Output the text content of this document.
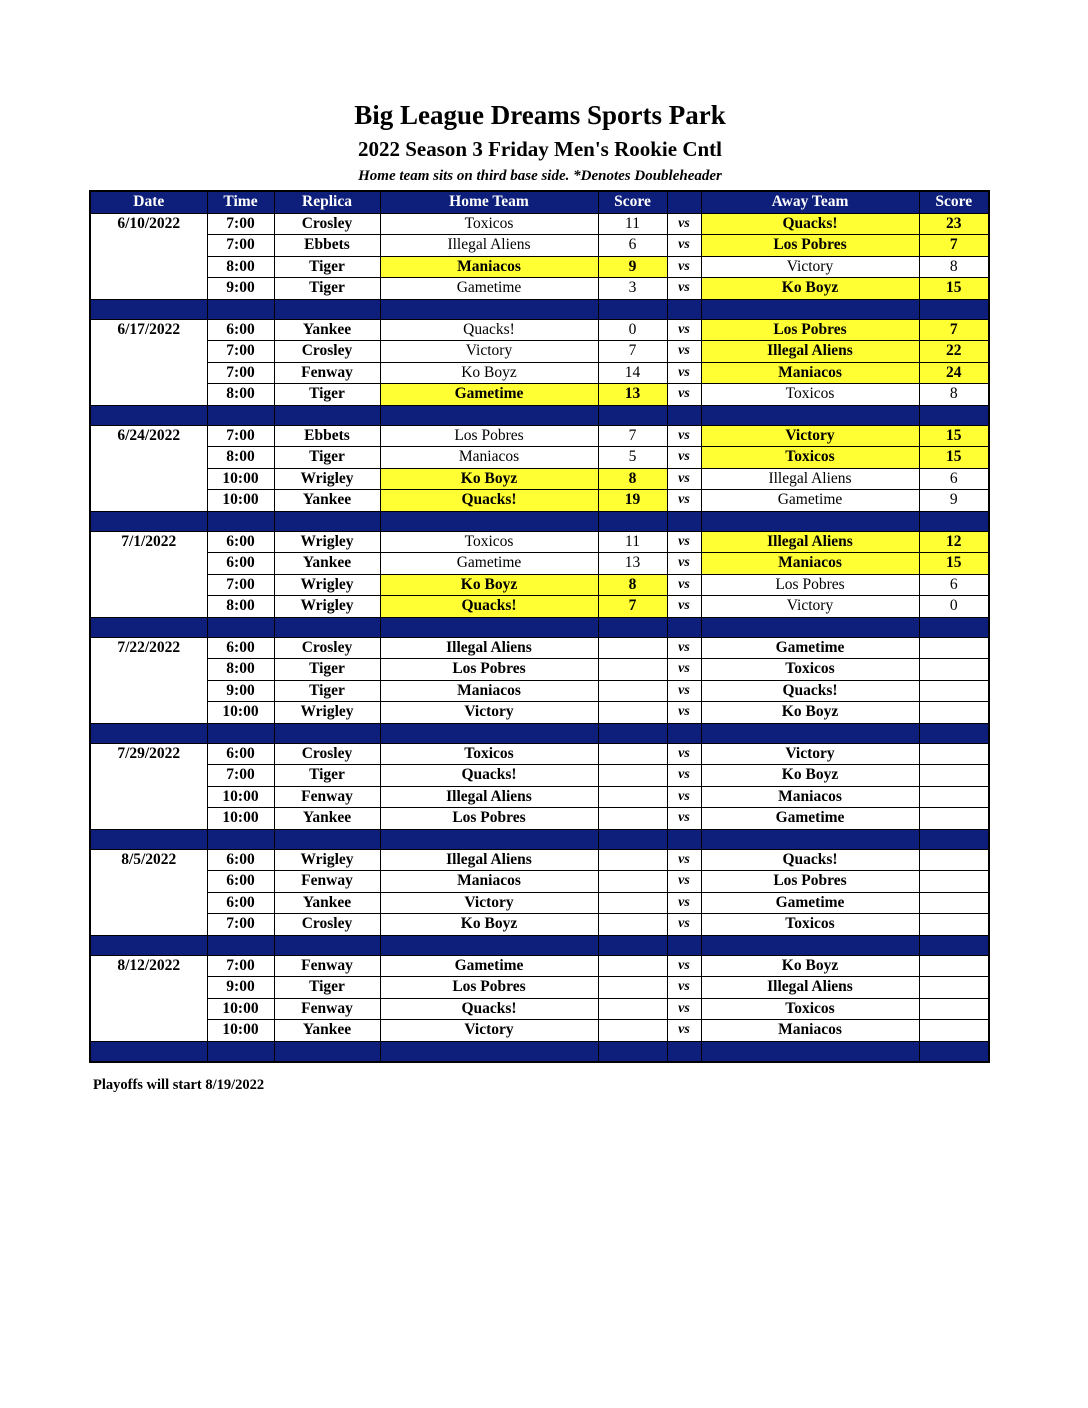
Big League Dreams Sports Park
2022 Season 3 Friday Men's Rookie Cntl
Home team sits on third base side. *Denotes Doubleheader
Date	Time	Replica	Home Team	Score		Away Team	Score
6/10/2022	7:00	Crosley	Toxicos	11	vs	Quacks!	23
	7:00	Ebbets	Illegal Aliens	6	vs	Los Pobres	7
	8:00	Tiger	Maniacos	9	vs	Victory	8
	9:00	Tiger	Gametime	3	vs	Ko Boyz	15

6/17/2022	6:00	Yankee	Quacks!	0	vs	Los Pobres	7
	7:00	Crosley	Victory	7	vs	Illegal Aliens	22
	7:00	Fenway	Ko Boyz	14	vs	Maniacos	24
	8:00	Tiger	Gametime	13	vs	Toxicos	8

6/24/2022	7:00	Ebbets	Los Pobres	7	vs	Victory	15
	8:00	Tiger	Maniacos	5	vs	Toxicos	15
	10:00	Wrigley	Ko Boyz	8	vs	Illegal Aliens	6
	10:00	Yankee	Quacks!	19	vs	Gametime	9

7/1/2022	6:00	Wrigley	Toxicos	11	vs	Illegal Aliens	12
	6:00	Yankee	Gametime	13	vs	Maniacos	15
	7:00	Wrigley	Ko Boyz	8	vs	Los Pobres	6
	8:00	Wrigley	Quacks!	7	vs	Victory	0

7/22/2022	6:00	Crosley	Illegal Aliens		vs	Gametime	
	8:00	Tiger	Los Pobres		vs	Toxicos	
	9:00	Tiger	Maniacos		vs	Quacks!	
	10:00	Wrigley	Victory		vs	Ko Boyz	

7/29/2022	6:00	Crosley	Toxicos		vs	Victory	
	7:00	Tiger	Quacks!		vs	Ko Boyz	
	10:00	Fenway	Illegal Aliens		vs	Maniacos	
	10:00	Yankee	Los Pobres		vs	Gametime	

8/5/2022	6:00	Wrigley	Illegal Aliens		vs	Quacks!	
	6:00	Fenway	Maniacos		vs	Los Pobres	
	6:00	Yankee	Victory		vs	Gametime	
	7:00	Crosley	Ko Boyz		vs	Toxicos	

8/12/2022	7:00	Fenway	Gametime		vs	Ko Boyz	
	9:00	Tiger	Los Pobres		vs	Illegal Aliens	
	10:00	Fenway	Quacks!		vs	Toxicos	
	10:00	Yankee	Victory		vs	Maniacos	

Playoffs will start 8/19/2022
